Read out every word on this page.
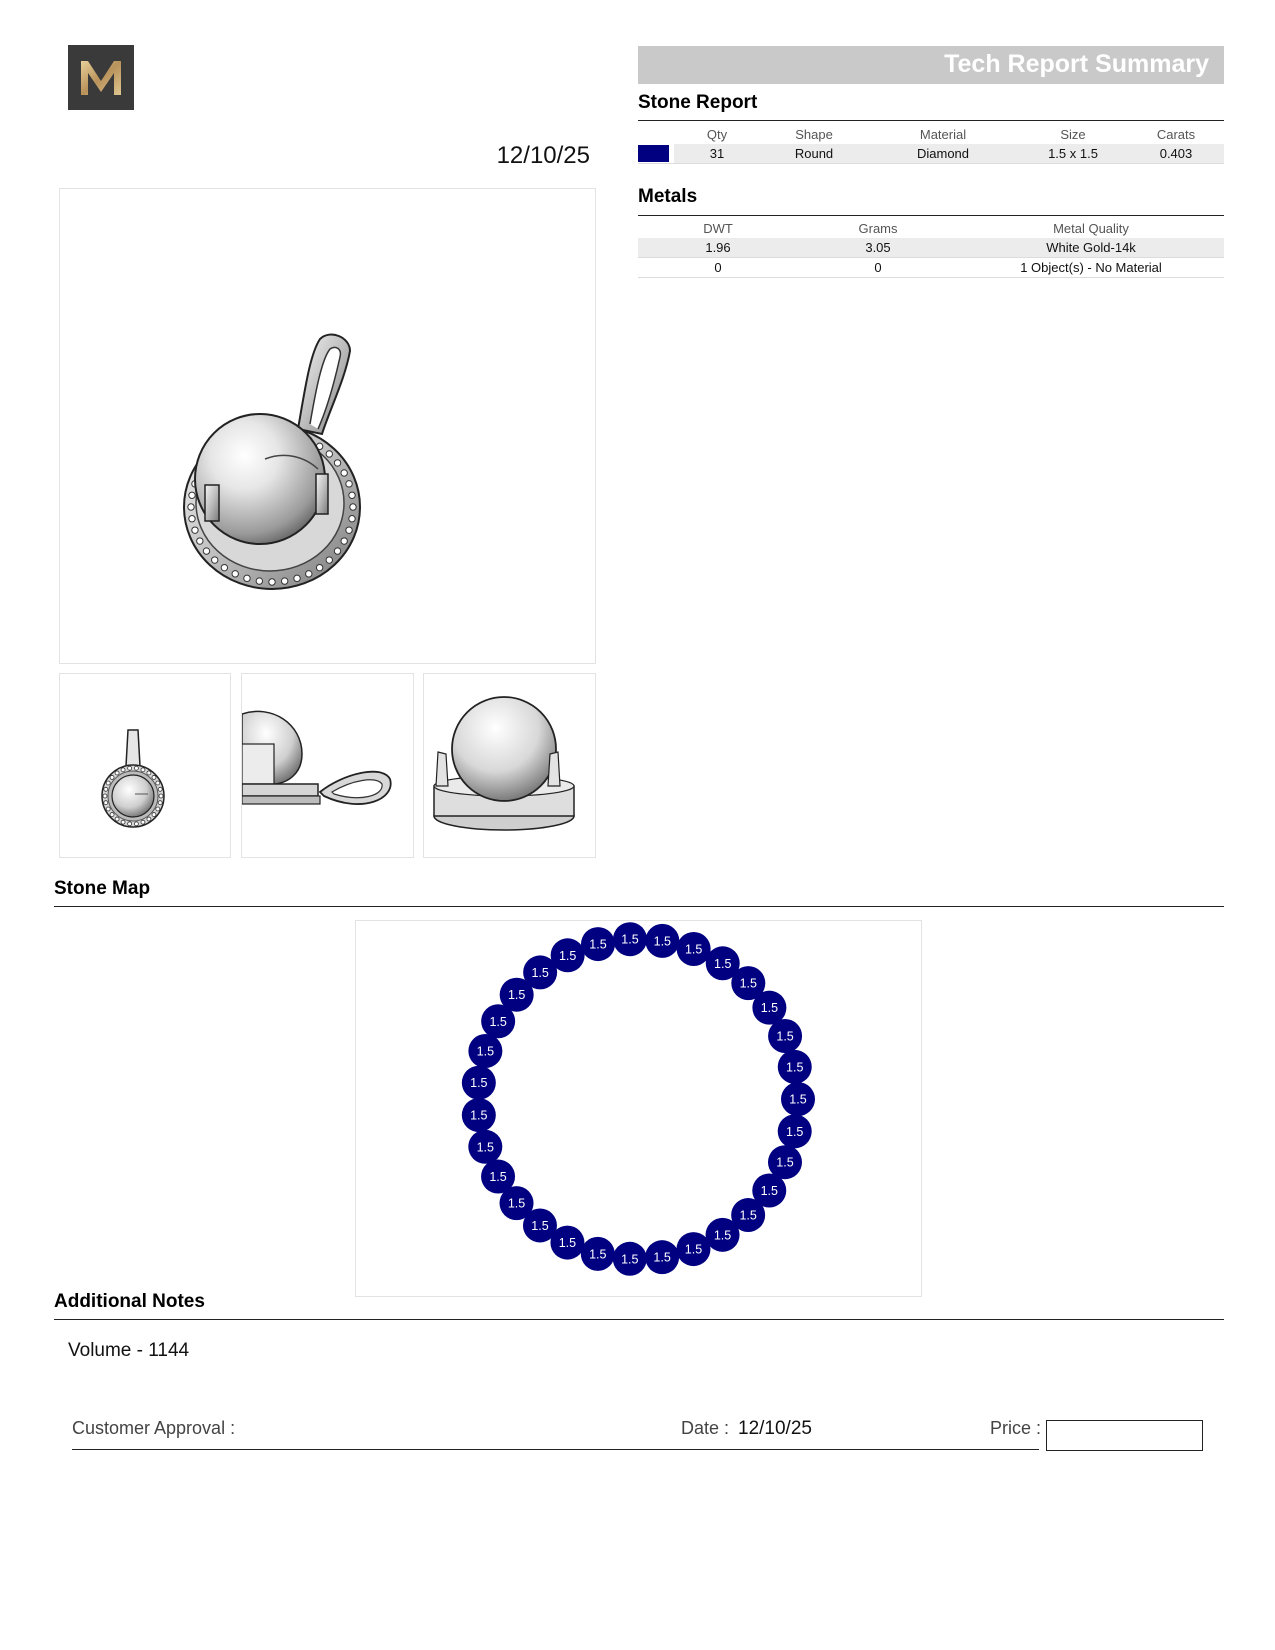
Tech Report Summary
12/10/25
Stone Report
	Qty	Shape	Material	Size	Carats
	31	Round	Diamond	1.5 x 1.5	0.403
Metals
DWT	Grams	Metal Quality
1.96	3.05	White Gold-14k
0	0	1 Object(s) - No Material
Stone Map
1.5 1.5
1.5
1.5
1.5
1.5
1.5
1.5
1.5
1.5
1.5
1.5
1.5
1.5
1.5
1.5
1.5
1.5
1.5
1.5
1.5
1.5
1.5
1.5
1.5
1.5
1.5
1.5
1.5
1.5
1.5
Additional Notes
Volume - 1144
Customer Approval :	Date : 12/10/25	Price :
